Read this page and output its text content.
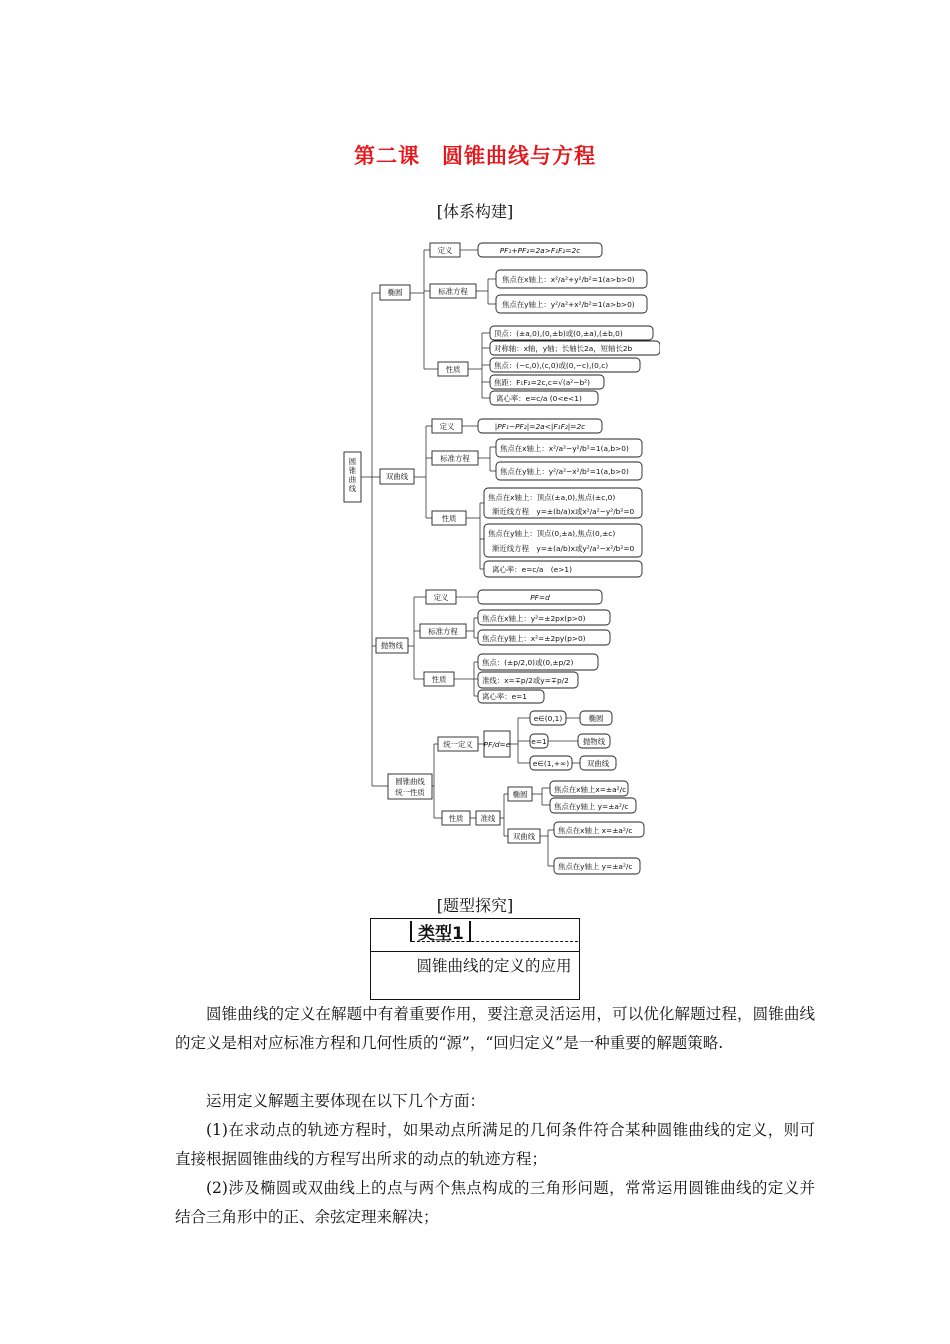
第二课　圆锥曲线与方程
[体系构建]
圆锥曲线
椭圆
定义	PF₁+PF₂=2a>F₁F₂=2c
标准方程
焦点在x轴上：x²/a²+y²/b²=1(a>b>0)
焦点在y轴上：y²/a²+x²/b²=1(a>b>0)
性质
顶点：(±a,0),(0,±b)或(0,±a),(±b,0)
对称轴：x轴，y轴；长轴长2a，短轴长2b
焦点：(−c,0),(c,0)或(0,−c),(0,c)
焦距：F₁F₂=2c,c=√(a²−b²)
离心率：e=c/a (0<e<1)
双曲线
定义	|PF₁−PF₂|=2a<|F₁F₂|=2c
标准方程
焦点在x轴上：x²/a²−y²/b²=1(a,b>0)
焦点在y轴上：y²/a²−x²/b²=1(a,b>0)
性质
焦点在x轴上：顶点(±a,0),焦点(±c,0)
渐近线方程　y=±(b/a)x或x²/a²−y²/b²=0
焦点在y轴上：顶点(0,±a),焦点(0,±c)
渐近线方程　y=±(a/b)x或y²/a²−x²/b²=0
离心率：e=c/a　(e>1)
抛物线
定义	PF=d
标准方程
焦点在x轴上：y²=±2px(p>0)
焦点在y轴上：x²=±2py(p>0)
性质
焦点：(±p/2,0)或(0,±p/2)
准线：x=∓p/2或y=∓p/2
离心率：e=1
圆锥曲线
统一性质
统一定义 PF/d=e
e∈(0,1)	椭圆
e=1	抛物线
e∈(1,+∞) 双曲线
性质 准线
椭圆
焦点在x轴上x=±a²/c
焦点在y轴上 y=±a²/c
双曲线
焦点在x轴上 x=±a²/c
焦点在y轴上 y=±a²/c
[题型探究]
类型1
圆锥曲线的定义的应用
圆锥曲线的定义在解题中有着重要作用，要注意灵活运用，可以优化解题过程，圆锥曲线的定义是相对应标准方程和几何性质的“源”，“回归定义”是一种重要的解题策略.
运用定义解题主要体现在以下几个方面：
(1)在求动点的轨迹方程时，如果动点所满足的几何条件符合某种圆锥曲线的定义，则可直接根据圆锥曲线的方程写出所求的动点的轨迹方程；
(2)涉及椭圆或双曲线上的点与两个焦点构成的三角形问题，常常运用圆锥曲线的定义并结合三角形中的正、余弦定理来解决；
